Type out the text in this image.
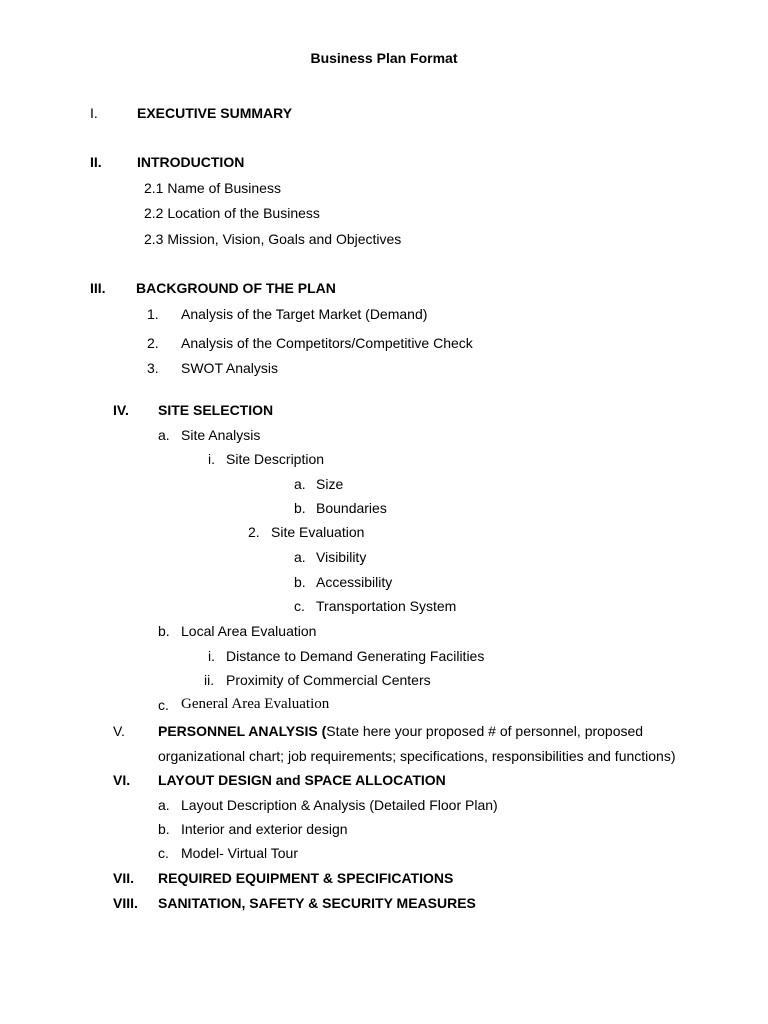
Business Plan Format
I.	EXECUTIVE SUMMARY
II.	INTRODUCTION
2.1 Name of Business
2.2 Location of the Business
2.3 Mission, Vision, Goals and Objectives
III. BACKGROUND OF THE PLAN
1. Analysis of the Target Market (Demand)
2. Analysis of the Competitors/Competitive Check
3. SWOT Analysis
IV. SITE SELECTION
a. Site Analysis
i. Site Description
a. Size
b. Boundaries
2. Site Evaluation
a. Visibility
b. Accessibility
c. Transportation System
b. Local Area Evaluation
i. Distance to Demand Generating Facilities
ii. Proximity of Commercial Centers
c. General Area Evaluation
V. PERSONNEL ANALYSIS (State here your proposed # of personnel, proposed
organizational chart; job requirements; specifications, responsibilities and functions)
VI. LAYOUT DESIGN and SPACE ALLOCATION
a. Layout Description & Analysis (Detailed Floor Plan)
b. Interior and exterior design
c. Model- Virtual Tour
VII. REQUIRED EQUIPMENT & SPECIFICATIONS
VIII. SANITATION, SAFETY & SECURITY MEASURES
